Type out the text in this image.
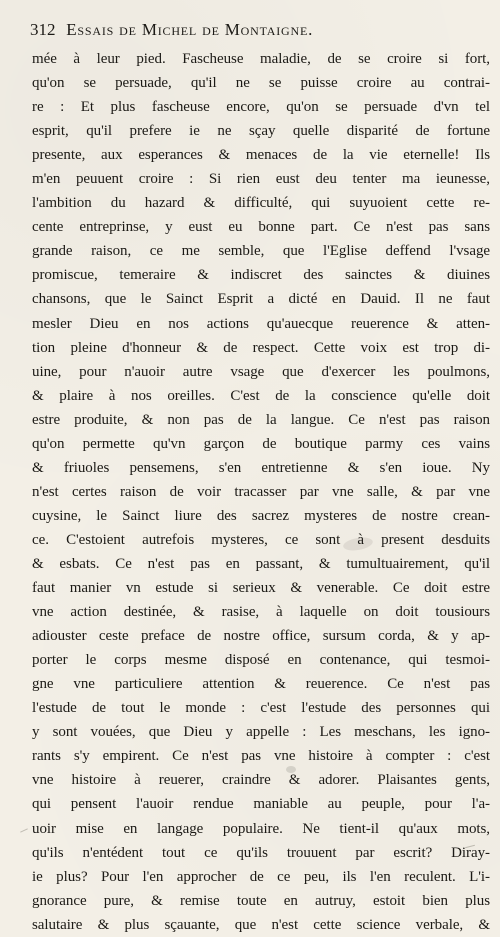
312 Essais de Michel de Montaigne.
mée à leur pied. Fascheuse maladie, de se croire si fort,
qu'on se persuade, qu'il ne se puisse croire au contrai-
re : Et plus fascheuse encore, qu'on se persuade d'vn tel
esprit, qu'il prefere ie ne sçay quelle disparité de fortune
presente, aux esperances & menaces de la vie eternelle! Ils
m'en peuuent croire : Si rien eust deu tenter ma ieunesse,
l'ambition du hazard & difficulté, qui suyuoient cette re-
cente entreprinse, y eust eu bonne part. Ce n'est pas sans
grande raison, ce me semble, que l'Eglise deffend l'vsage
promiscue, temeraire & indiscret des sainctes & diuines
chansons, que le Sainct Esprit a dicté en Dauid. Il ne faut
mesler Dieu en nos actions qu'auecque reuerence & atten-
tion pleine d'honneur & de respect. Cette voix est trop di-
uine, pour n'auoir autre vsage que d'exercer les poulmons,
& plaire à nos oreilles. C'est de la conscience qu'elle doit
estre produite, & non pas de la langue. Ce n'est pas raison
qu'on permette qu'vn garçon de boutique parmy ces vains
& friuoles pensemens, s'en entretienne & s'en ioue. Ny
n'est certes raison de voir tracasser par vne salle, & par vne
cuysine, le Sainct liure des sacrez mysteres de nostre crean-
ce. C'estoient autrefois mysteres, ce sont à present desduits
& esbats. Ce n'est pas en passant, & tumultuairement, qu'il
faut manier vn estude si serieux & venerable. Ce doit estre
vne action destinée, & rasise, à laquelle on doit tousiours
adiouster ceste preface de nostre office, sursum corda, & y ap-
porter le corps mesme disposé en contenance, qui tesmoi-
gne vne particuliere attention & reuerence. Ce n'est pas
l'estude de tout le monde : c'est l'estude des personnes qui
y sont vouées, que Dieu y appelle : Les meschans, les igno-
rants s'y empirent. Ce n'est pas vne histoire à compter : c'est
vne histoire à reuerer, craindre & adorer. Plaisantes gents,
qui pensent l'auoir rendue maniable au peuple, pour l'a-
uoir mise en langage populaire. Ne tient-il qu'aux mots,
qu'ils n'entédent tout ce qu'ils trouuent par escrit? Diray-
ie plus? Pour l'en approcher de ce peu, ils l'en reculent. L'i-
gnorance pure, & remise toute en autruy, estoit bien plus
salutaire & plus sçauante, que n'est cette science verbale, &
